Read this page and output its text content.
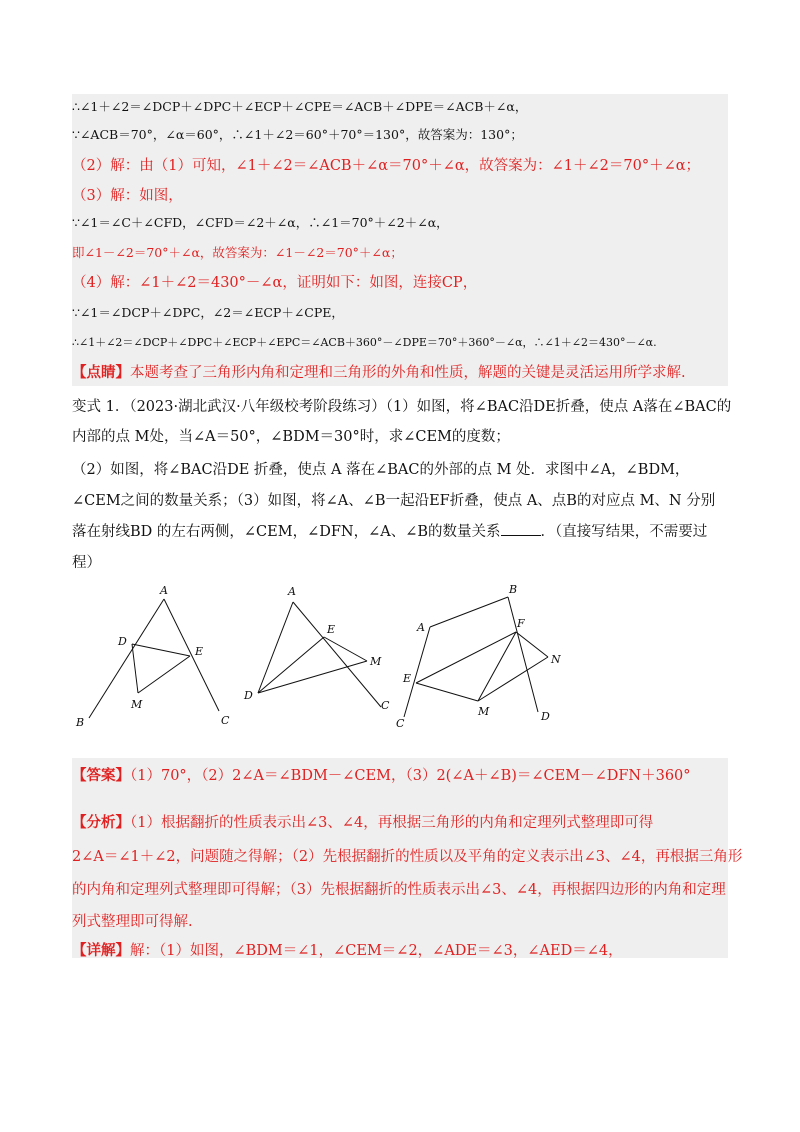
∴∠1＋∠2＝∠DCP＋∠DPC＋∠ECP＋∠CPE＝∠ACB＋∠DPE＝∠ACB＋∠α，
∵∠ACB＝70°，∠α＝60°，∴∠1＋∠2＝60°＋70°＝130°，故答案为：130°；
（2）解：由（1）可知，∠1＋∠2＝∠ACB＋∠α＝70°＋∠α，故答案为：∠1＋∠2＝70°＋∠α；
（3）解：如图，
∵∠1＝∠C＋∠CFD，∠CFD＝∠2＋∠α，∴∠1＝70°＋∠2＋∠α，
即∠1－∠2＝70°＋∠α，故答案为：∠1－∠2＝70°＋∠α；
（4）解：∠1＋∠2＝430°－∠α，证明如下：如图，连接CP，
∵∠1＝∠DCP＋∠DPC，∠2＝∠ECP＋∠CPE，
∴∠1＋∠2＝∠DCP＋∠DPC＋∠ECP＋∠EPC＝∠ACB＋360°－∠DPE＝70°＋360°－∠α，∴∠1＋∠2＝430°－∠α.
【点睛】本题考查了三角形内角和定理和三角形的外角和性质，解题的关键是灵活运用所学求解.
变式 1．（2023·湖北武汉·八年级校考阶段练习）（1）如图，将∠BAC沿DE折叠，使点 A落在∠BAC的
内部的点 M处，当∠A＝50°，∠BDM＝30°时，求∠CEM的度数；
（2）如图，将∠BAC沿DE 折叠，使点 A 落在∠BAC的外部的点 M 处．求图中∠A，∠BDM，
∠CEM之间的数量关系；（3）如图，将∠A、∠B一起沿EF折叠，使点 A、点B的对应点 M、N 分别
落在射线BD 的左右两侧，∠CEM，∠DFN，∠A、∠B的数量关系	．（直接写结果，不需要过
程）
A
D
E
M
B	C
A
E
M
D
C
A
B
F
N
E
M
C
D
【答案】（1）70°，（2）2∠A＝∠BDM－∠CEM，（3）2(∠A＋∠B)＝∠CEM－∠DFN＋360°
【分析】（1）根据翻折的性质表示出∠3、∠4，再根据三角形的内角和定理列式整理即可得
2∠A＝∠1＋∠2，问题随之得解；（2）先根据翻折的性质以及平角的定义表示出∠3、∠4，再根据三角形
的内角和定理列式整理即可得解；（3）先根据翻折的性质表示出∠3、∠4，再根据四边形的内角和定理
列式整理即可得解.
【详解】解：（1）如图，∠BDM＝∠1，∠CEM＝∠2，∠ADE＝∠3，∠AED＝∠4，
